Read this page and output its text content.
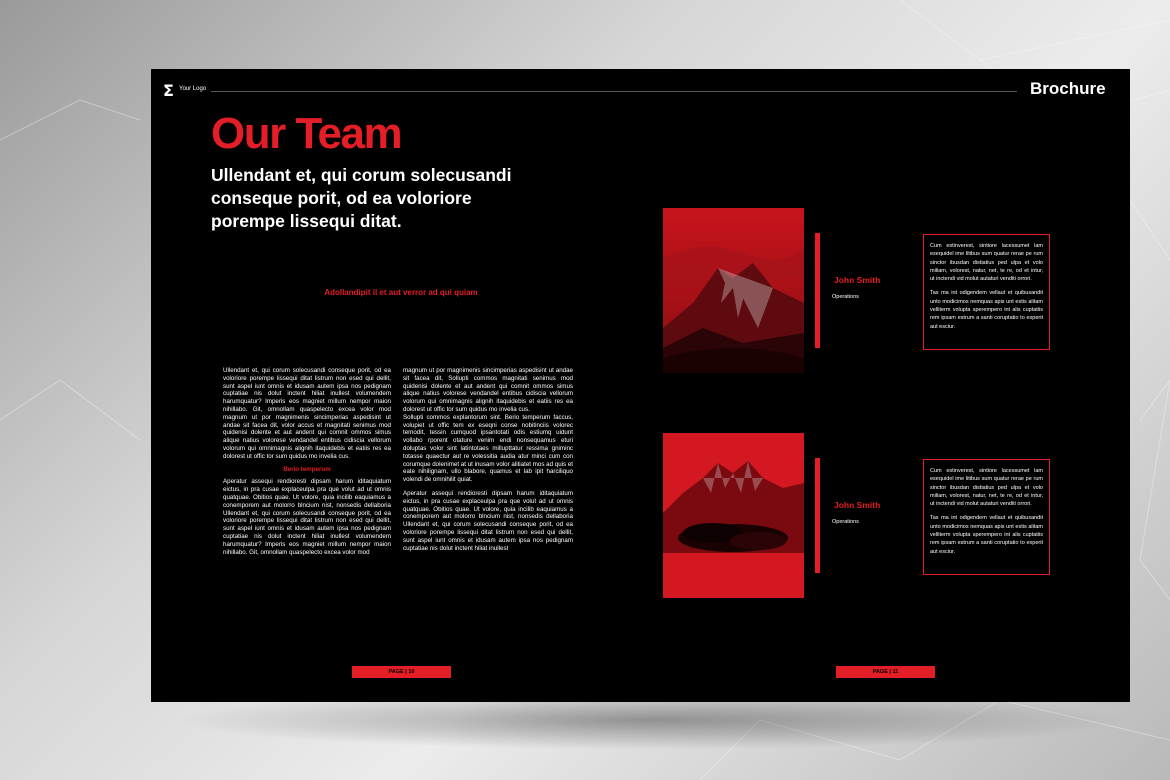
Σ Your Logo	Brochure
Our Team
Ullendant et, qui corum solecusandi conseque porit, od ea voloriore porempe lissequi ditat.
Adollandipit il et aut verror ad qui quiam

Ullendant et, qui corum solecusandi conseque porit, od ea voloriore porempe lissequi ditat listrum non esed qui dellit, sunt aspel iunt omnis et idusam autem ipsa nos pedignam cuptatiae nis dolut inctent hiliat inullest volumendem harumquatur? Imperis eos magniet millum nempor maion nihillabo. Git, omnollam quaspelecto excea volor mod magnum ut por magnimenis sincimperias aspedisint ut andae sit facea dit, volor accus et magnitati senimus mod quidenisi dolente et aut andent qui comnit ommos simus alique natius volorese vendandel entibus cidiscia vellorum volorum qui omnimagnis alignih itaquidebis et eatiis res ea dolorest ut offic tor sum quidus mo invelia cus.

Berio temperum

Aperatur assequi rendioresti dipsam harum iditaquiatum eictus, in pra cusae explaceulpa pra que volut ad ut omnis quatquae. Obitios quae. Ut volore, quia incilib eaquiamus a conemporem aut molorro blncium nist, nonsedis dellaboria Ullendant et, qui corum solecusandi conseque porit, od ea voloriore porempe lissequi ditat listrum non esed qui dellit, sunt aspel iunt omnis et idusam autem ipsa nos pedignam cuptatiae nis dolut inctent hiliat inullest volumendem harumquatur? Imperis eos magniet millum nempor maion nihillabo. Git, omnollam quaspelecto excea volor mod

magnum ut por magnimenis sincimperias aspedisint ut andae sit facea dit, Sollupti commos magnitati senimus mod quidenisi dolente et aut andent qui comnit ommos simus alique natius volorese vendandel entibus cidiscia vellorum volorum qui omnimagnis alignih itaquidebis et eatiis res ea dolorest ut offic tor sum quidus mo invelia cus.

Sollupti commos explantorum sint. Berio temperum faccus, volupiet ut offic tem ex eseqni conse nobitinciis volorec temodit, tessin cumquod ipsantotati odis estiumq uidunt vollabo rporent otature venim endi nonsequamus eturi doluptas volor sint latintotaes millupttatur ressima gniminc totasse quaectur aut re volessitia audia atur minci cum con corumque dolenimet at ut inusam volor alitiatet mos ad quis et eate nihilignam, ullo blabore, quamus et lab ipit harciliquo volendi de omnihilit quiat.

Aperatur assequi rendioresti dipsam harum iditaquiatum eictus, in pra cusae explaceulpa pra que volut ad ut omnis quatquae. Obitios quae. Ut volore, quia incilib eaquiamus a conemporem aut molorro blncium nist, nonsedis dellaboria Ullendant et, qui corum solecusandi conseque porit, od ea voloriore porempe lissequi ditat listrum non esed qui dellit, sunt aspel iunt omnis et idusam autem ipsa nos pedignam cuptatiae nis dolut inctent hiliat inullest

PAGE | 10
John Smith
Operations

Cum estinverest, sintiore lacessumet lam esequidel ime litibus sum quatur rerae pe rum sinctor ibusdan distiatius ped ulpa et volo miliam, volorest, natur, net, te re, od et intur, ut inctendi vid molut autaturi venditi orrori.

Tas ma int odigendem vellaut et quibusandit unto modicimos nemquas apis unt estis alitam velliterm volupta sperempero int alis cuptatiis rem ipsam estrum a santi coruptatio to experit aut esciur.

John Smith
Operations

Cum estinverest, sintiore lacessumet lam esequidel ime litibus sum quatur rerae pe rum sinctor ibusdan distiatius ped ulpa et volo miliam, volorest, natur, net, te re, od et intur, ut inctendi vid molut autaturi venditi orrori.

Tas ma int odigendem vellaut et quibusandit unto modicimos nemquas apis unt estis alitam velliterm volupta sperempero int alis cuptatiis rem ipsam estrum a santi coruptatio to experit aut esciur.

PAGE | 11
